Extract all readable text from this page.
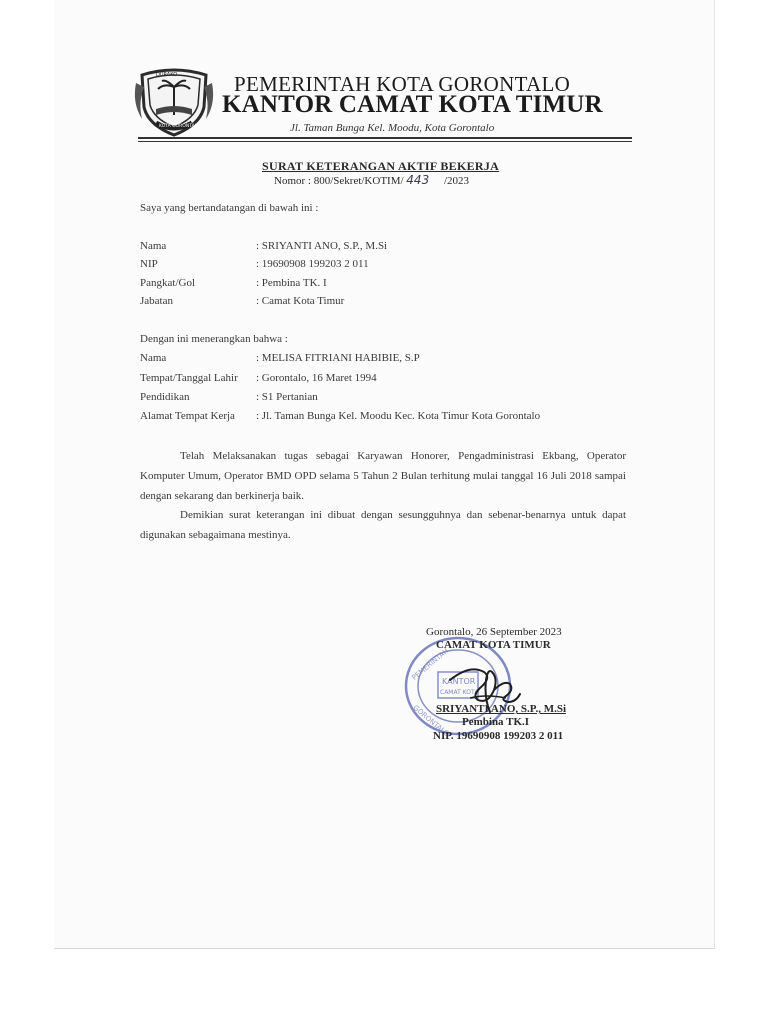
DURAKO
KOTA GORONTALO
PEMERINTAH KOTA GORONTALO
KANTOR CAMAT KOTA TIMUR
Jl. Taman Bunga Kel. Moodu, Kota Gorontalo
SURAT KETERANGAN AKTIF BEKERJA
Nomor : 800/Sekret/KOTIM/ 443 /2023
Saya yang bertandatangan di bawah ini :
Nama	: SRIYANTI ANO, S.P., M.Si
NIP	: 19690908 199203 2 011
Pangkat/Gol	: Pembina TK. I
Jabatan	: Camat Kota Timur
Dengan ini menerangkan bahwa :
Nama	: MELISA FITRIANI HABIBIE, S.P
Tempat/Tanggal Lahir : Gorontalo, 16 Maret 1994
Pendidikan	: S1 Pertanian
Alamat Tempat Kerja : Jl. Taman Bunga Kel. Moodu Kec. Kota Timur Kota Gorontalo
Telah Melaksanakan tugas sebagai Karyawan Honorer, Pengadministrasi Ekbang, Operator Komputer Umum, Operator BMD OPD selama 5 Tahun 2 Bulan terhitung mulai tanggal 16 Juli 2018 sampai dengan sekarang dan berkinerja baik.
Demikian surat keterangan ini dibuat dengan sesungguhnya dan sebenar-benarnya untuk dapat digunakan sebagaimana mestinya.
KANTOR
CAMAT KOTA
PEMERINTAH
GORONTALO
Gorontalo, 26 September 2023
CAMAT KOTA TIMUR
SRIYANTI ANO, S.P., M.Si
Pembina TK.I
NIP. 19690908 199203 2 011
